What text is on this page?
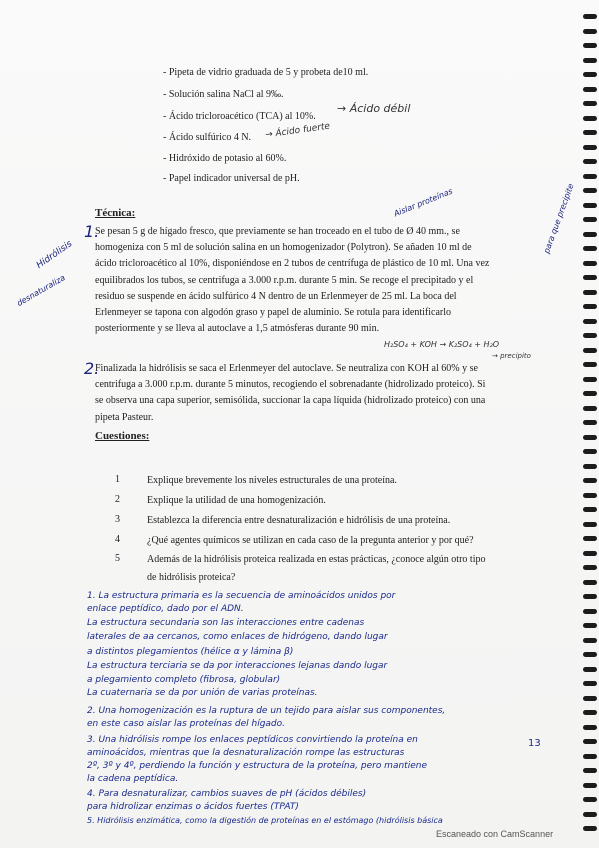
- Pipeta de vidrio graduada de 5 y probeta de10 ml.
- Solución salina NaCl al 9‰.
- Ácido tricloroacético (TCA) al 10%.
- Ácido sulfúrico 4 N.
- Hidróxido de potasio al 60%.
- Papel indicador universal de pH.
→ Ácido débil
→ Ácido fuerte
Aislar proteínas	para que precipite
Hidrólisis
desnaturaliza
H₂SO₄ + KOH → K₂SO₄ + H₂O
→ precipito
Técnica:
1.
Se pesan 5 g de hígado fresco, que previamente se han troceado en el tubo de Ø 40 mm., se
homogeniza con 5 ml de solución salina en un homogenizador (Polytron). Se añaden 10 ml de
ácido tricloroacético al 10%, disponiéndose en 2 tubos de centrífuga de plástico de 10 ml. Una vez
equilibrados los tubos, se centrifuga a 3.000 r.p.m. durante 5 min. Se recoge el precipitado y el
residuo se suspende en ácido sulfúrico 4 N dentro de un Erlenmeyer de 25 ml. La boca del
Erlenmeyer se tapona con algodón graso y papel de aluminio. Se rotula para identificarlo
posteriormente y se lleva al autoclave a 1,5 atmósferas durante 90 min.
2.
Finalizada la hidrólisis se saca el Erlenmeyer del autoclave. Se neutraliza con KOH al 60% y se
centrifuga a 3.000 r.p.m. durante 5 minutos, recogiendo el sobrenadante (hidrolizado proteico). Si
se observa una capa superior, semisólida, succionar la capa líquida (hidrolizado proteico) con una
pipeta Pasteur.
Cuestiones:
1	Explique brevemente los niveles estructurales de una proteína.
2	Explique la utilidad de una homogenización.
3	Establezca la diferencia entre desnaturalización e hidrólisis de una proteína.
4	¿Qué agentes químicos se utilizan en cada caso de la pregunta anterior y por qué?
5	Además de la hidrólisis proteica realizada en estas prácticas, ¿conoce algún otro tipo
de hidrólisis proteica?
1. La estructura primaria es la secuencia de aminoácidos unidos por
enlace peptídico, dado por el ADN.
La estructura secundaria son las interacciones entre cadenas
laterales de aa cercanos, como enlaces de hidrógeno, dando lugar
a distintos plegamientos (hélice α y lámina β)
La estructura terciaria se da por interacciones lejanas dando lugar
a plegamiento completo (fibrosa, globular)
La cuaternaria se da por unión de varias proteínas.
2. Una homogenización es la ruptura de un tejido para aislar sus componentes,
en este caso aislar las proteínas del hígado.
3. Una hidrólisis rompe los enlaces peptídicos convirtiendo la proteína en
aminoácidos, mientras que la desnaturalización rompe las estructuras
2º, 3º y 4º, perdiendo la función y estructura de la proteína, pero mantiene
la cadena peptídica.
4. Para desnaturalizar, cambios suaves de pH (ácidos débiles)
para hidrolizar enzimas o ácidos fuertes (TPAT)
5. Hidrólisis enzimática, como la digestión de proteínas en el estómago (hidrólisis básica
13
Escaneado con CamScanner
